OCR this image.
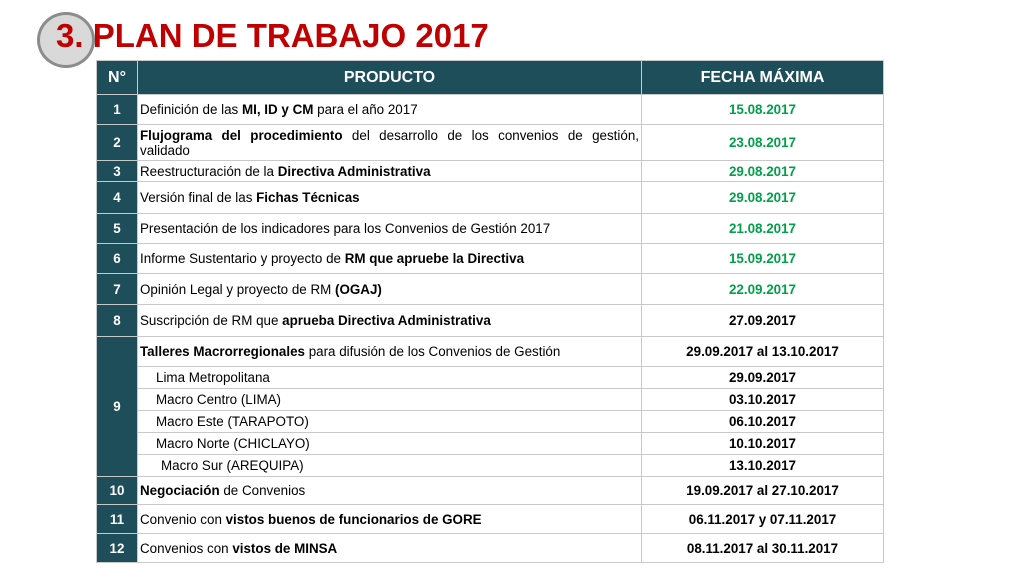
3. PLAN DE TRABAJO 2017
N°	PRODUCTO	FECHA MÁXIMA
1	Definición de las MI, ID y CM para el año 2017	15.08.2017
2	Flujograma del procedimiento del desarrollo de los convenios de gestión, validado	23.08.2017
3	Reestructuración de la Directiva Administrativa	29.08.2017
4	Versión final de las Fichas Técnicas	29.08.2017
5	Presentación de los indicadores para los Convenios de Gestión 2017	21.08.2017
6	Informe Sustentario y proyecto de RM que apruebe la Directiva	15.09.2017
7	Opinión Legal y proyecto de RM (OGAJ)	22.09.2017
8	Suscripción de RM que aprueba Directiva Administrativa	27.09.2017
9	Talleres Macrorregionales para difusión de los Convenios de Gestión	29.09.2017 al 13.10.2017

	Lima Metropolitana	29.09.2017

	Macro Centro (LIMA)	03.10.2017

	Macro Este (TARAPOTO)	06.10.2017

	Macro Norte (CHICLAYO)	10.10.2017

	Macro Sur (AREQUIPA)	13.10.2017
10	Negociación de Convenios	19.09.2017 al 27.10.2017
11	Convenio con vistos buenos de funcionarios de GORE	06.11.2017 y 07.11.2017
12	Convenios con vistos de MINSA	08.11.2017 al 30.11.2017
